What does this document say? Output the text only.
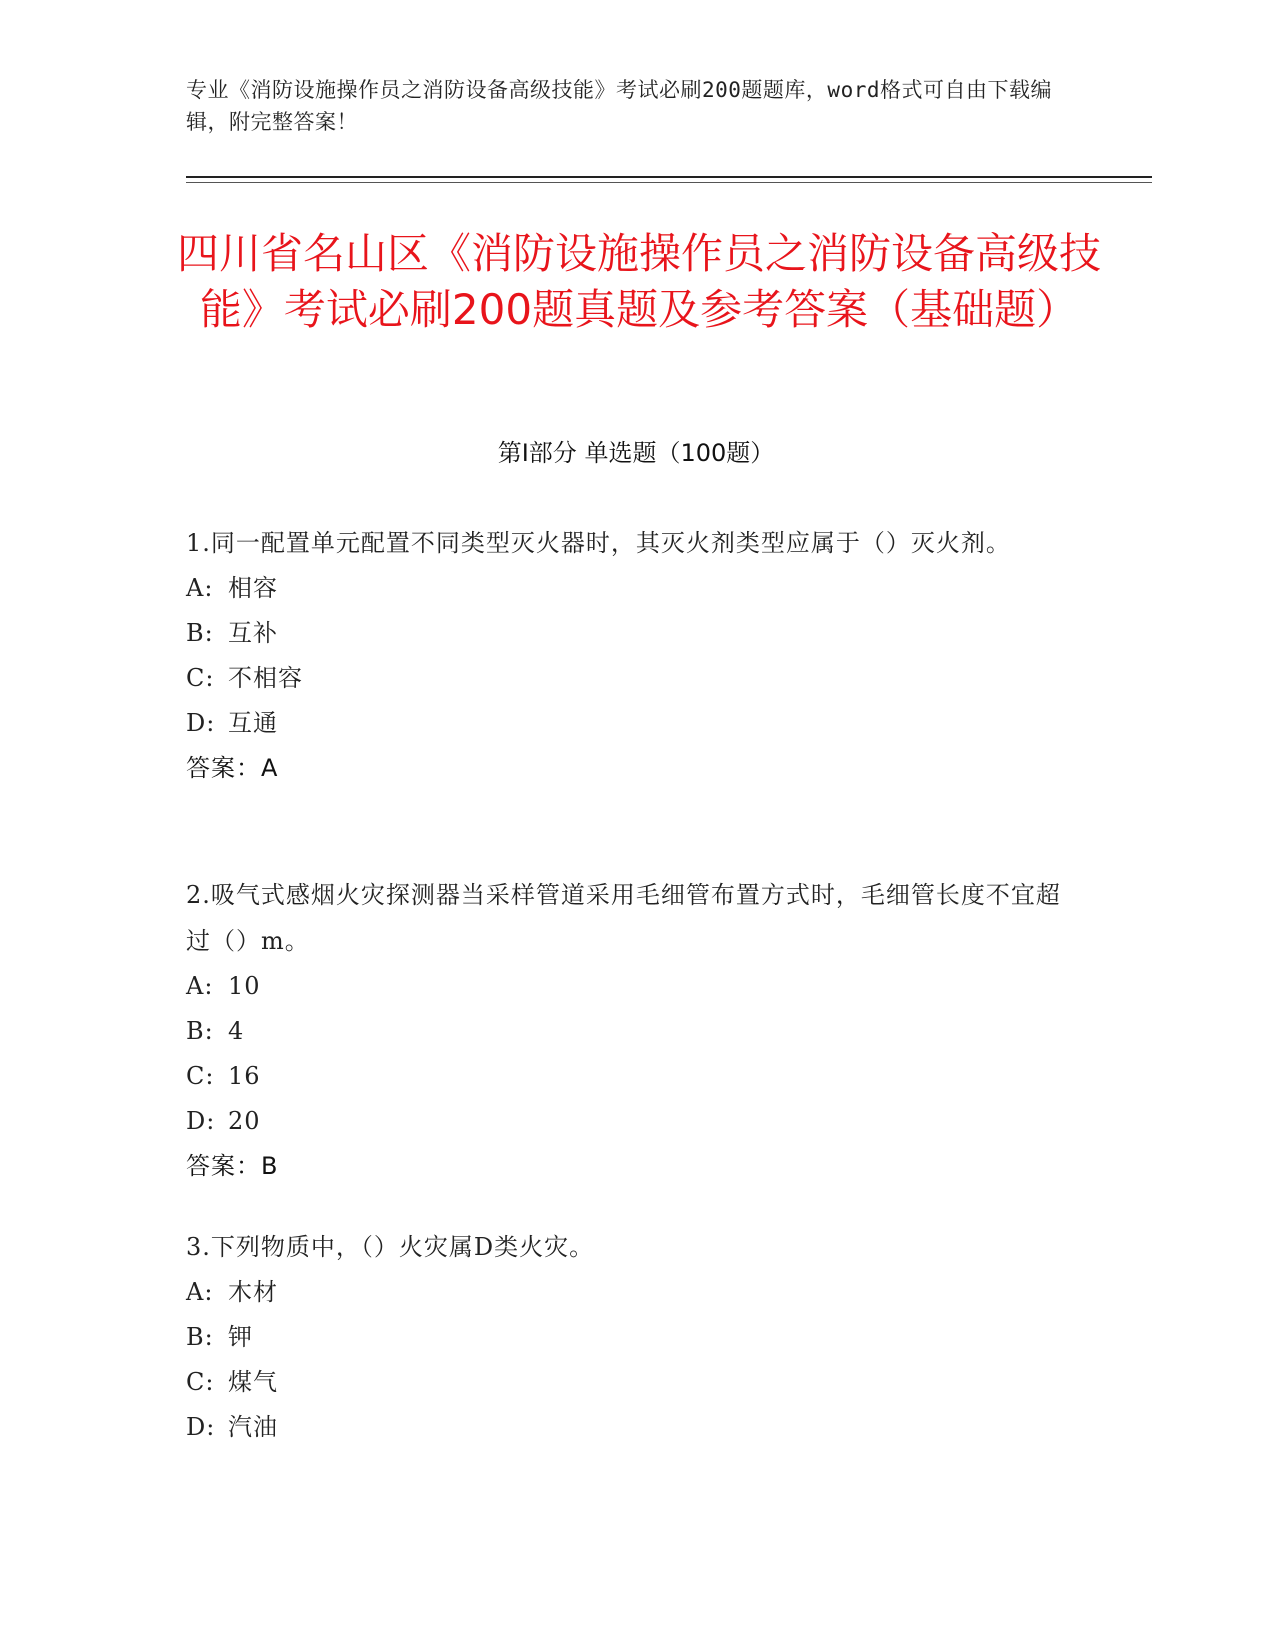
专业《消防设施操作员之消防设备高级技能》考试必刷200题题库，word格式可自由下载编辑，附完整答案！
四川省名山区《消防设施操作员之消防设备高级技能》考试必刷200题真题及参考答案（基础题）
第I部分 单选题（100题）
1.同一配置单元配置不同类型灭火器时，其灭火剂类型应属于（）灭火剂。
A: 相容
B: 互补
C: 不相容
D: 互通
答案：A
2.吸气式感烟火灾探测器当采样管道采用毛细管布置方式时，毛细管长度不宜超过（）m。
A: 10
B: 4
C: 16
D: 20
答案：B
3.下列物质中，（）火灾属D类火灾。
A: 木材
B: 钾
C: 煤气
D: 汽油
